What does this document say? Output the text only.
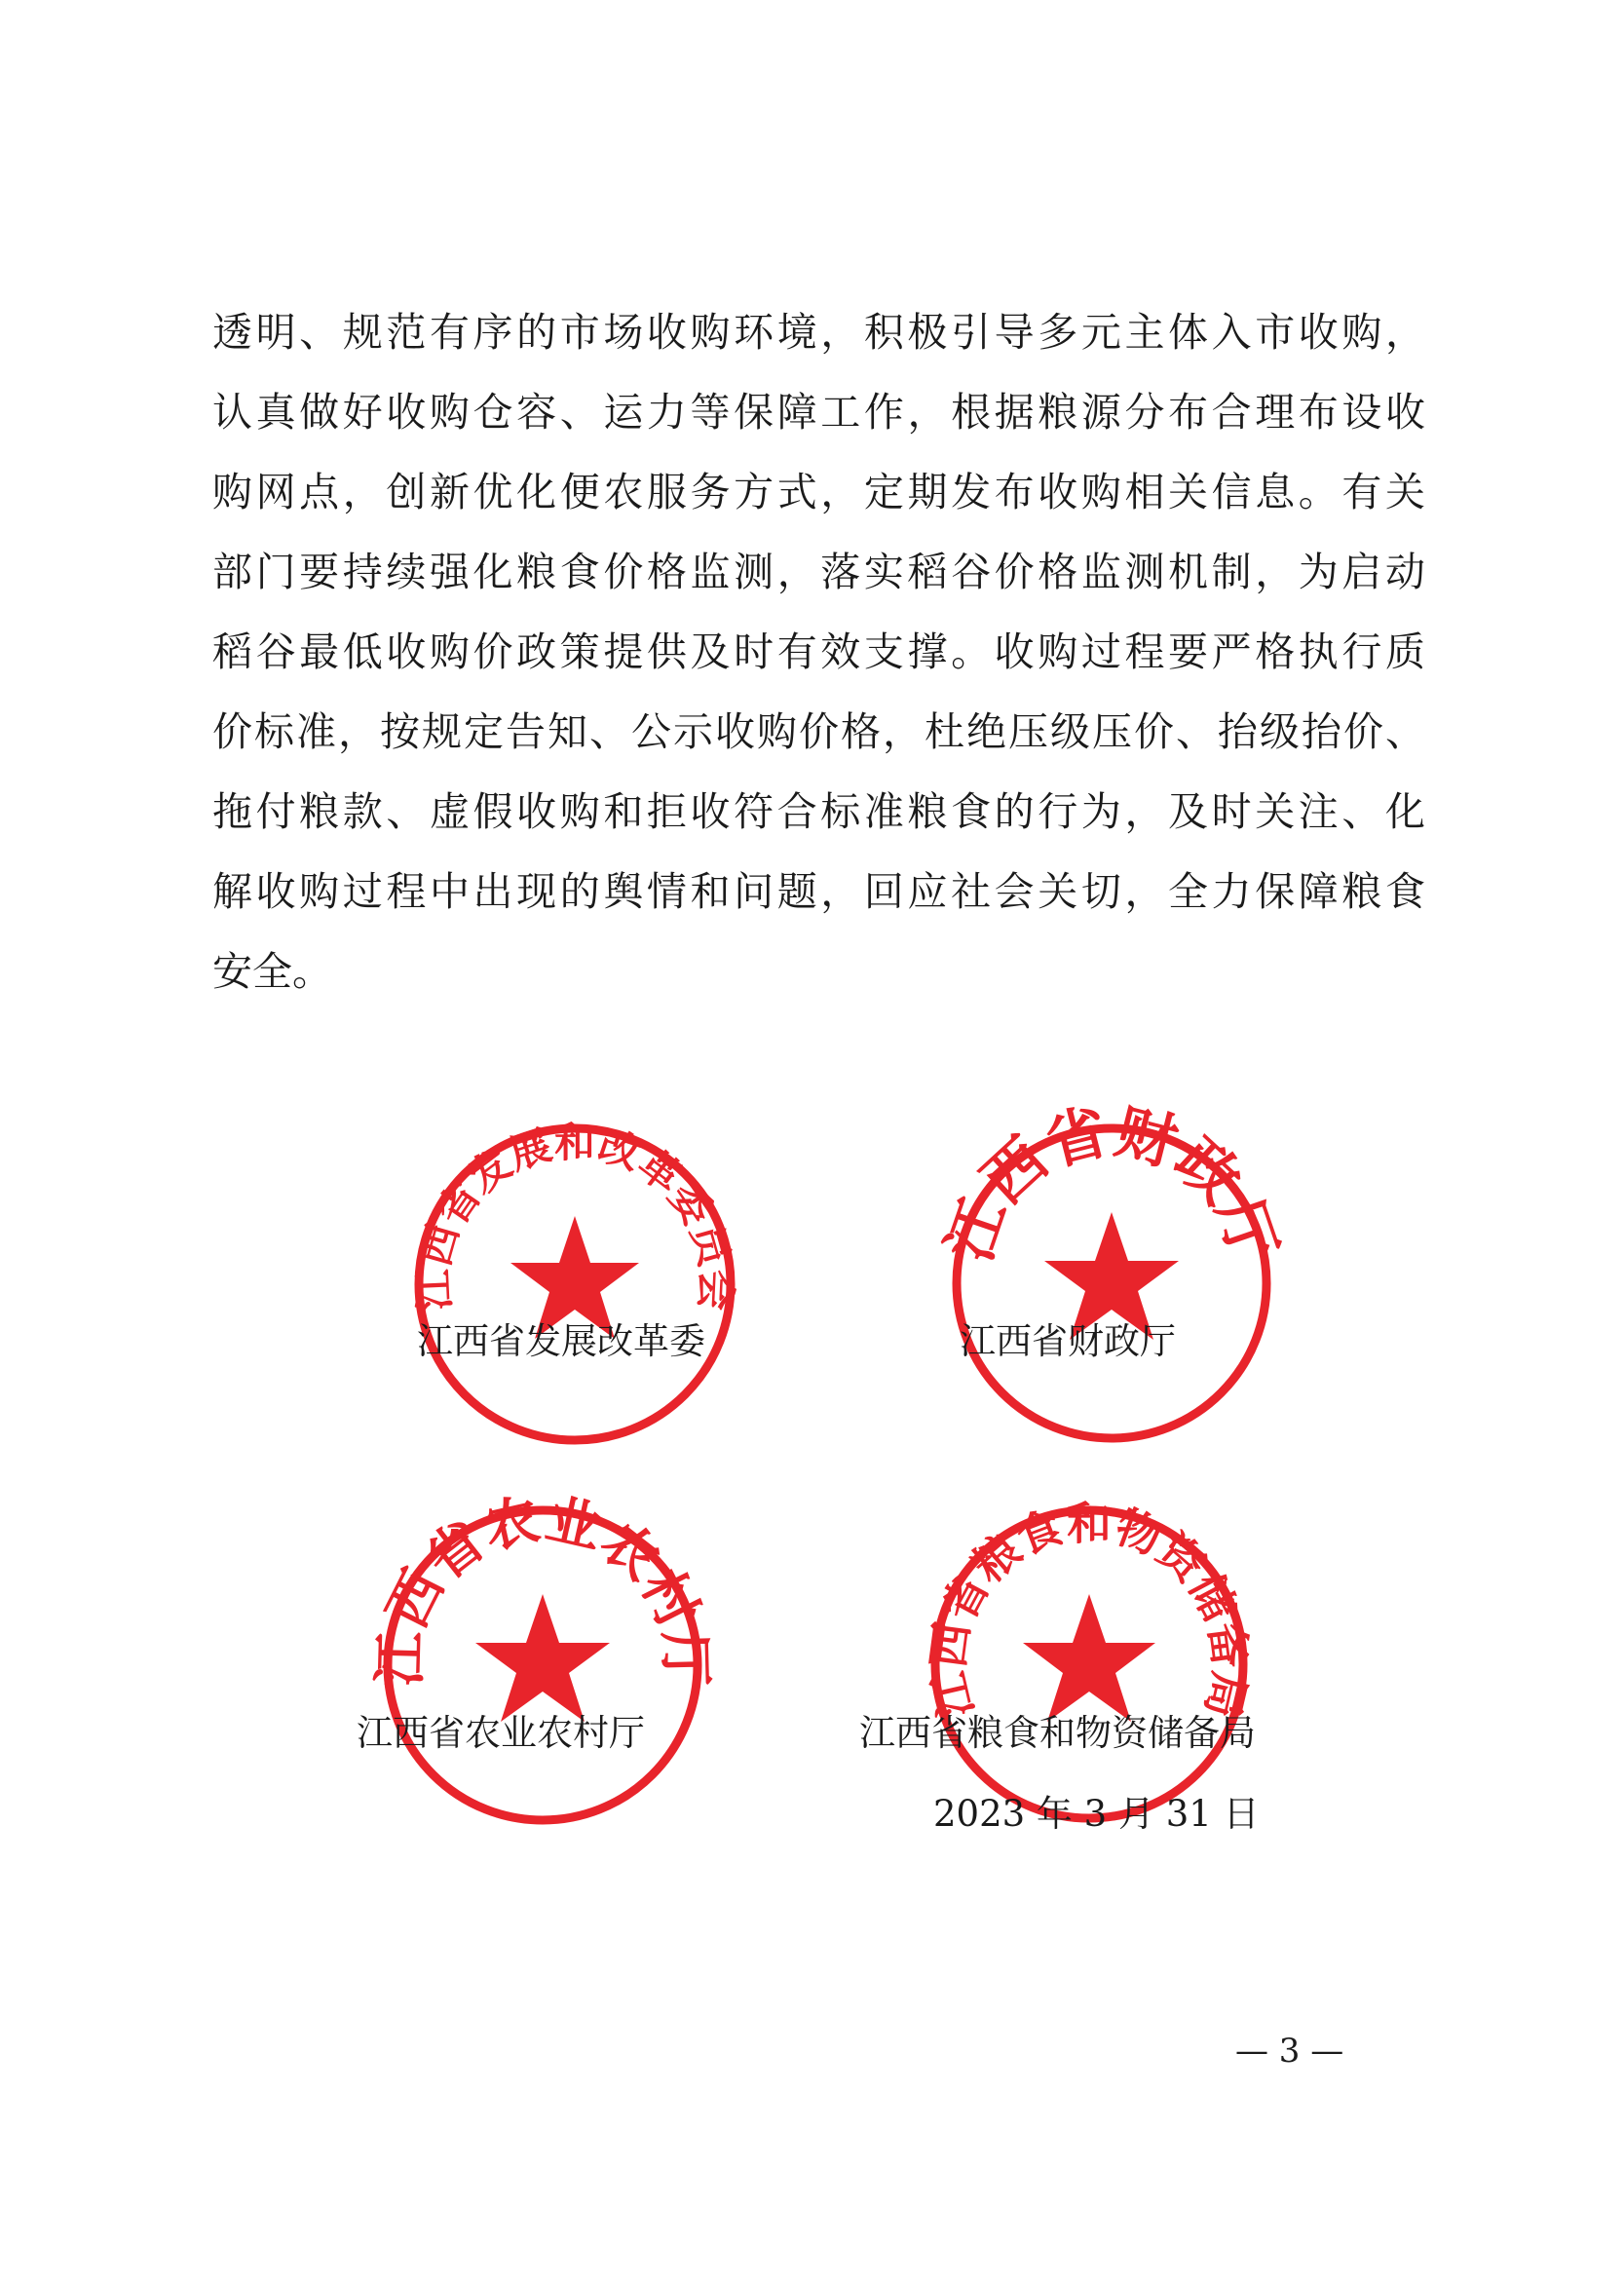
透明、规范有序的市场收购环境，积极引导多元主体入市收购，
认真做好收购仓容、运力等保障工作，根据粮源分布合理布设收
购网点，创新优化便农服务方式，定期发布收购相关信息。有关
部门要持续强化粮食价格监测，落实稻谷价格监测机制，为启动
稻谷最低收购价政策提供及时有效支撑。收购过程要严格执行质
价标准，按规定告知、公示收购价格，杜绝压级压价、抬级抬价、
拖付粮款、虚假收购和拒收符合标准粮食的行为，及时关注、化
解收购过程中出现的舆情和问题，回应社会关切，全力保障粮食
安全。
江西省发展和改革委员会
江西省财政厅
江西省农业农村厅
江西省粮食和物资储备局
江西省发展改革委	江西省财政厅
江西省农业农村厅	江西省粮食和物资储备局
2023 年 3 月 31 日
— 3 —
